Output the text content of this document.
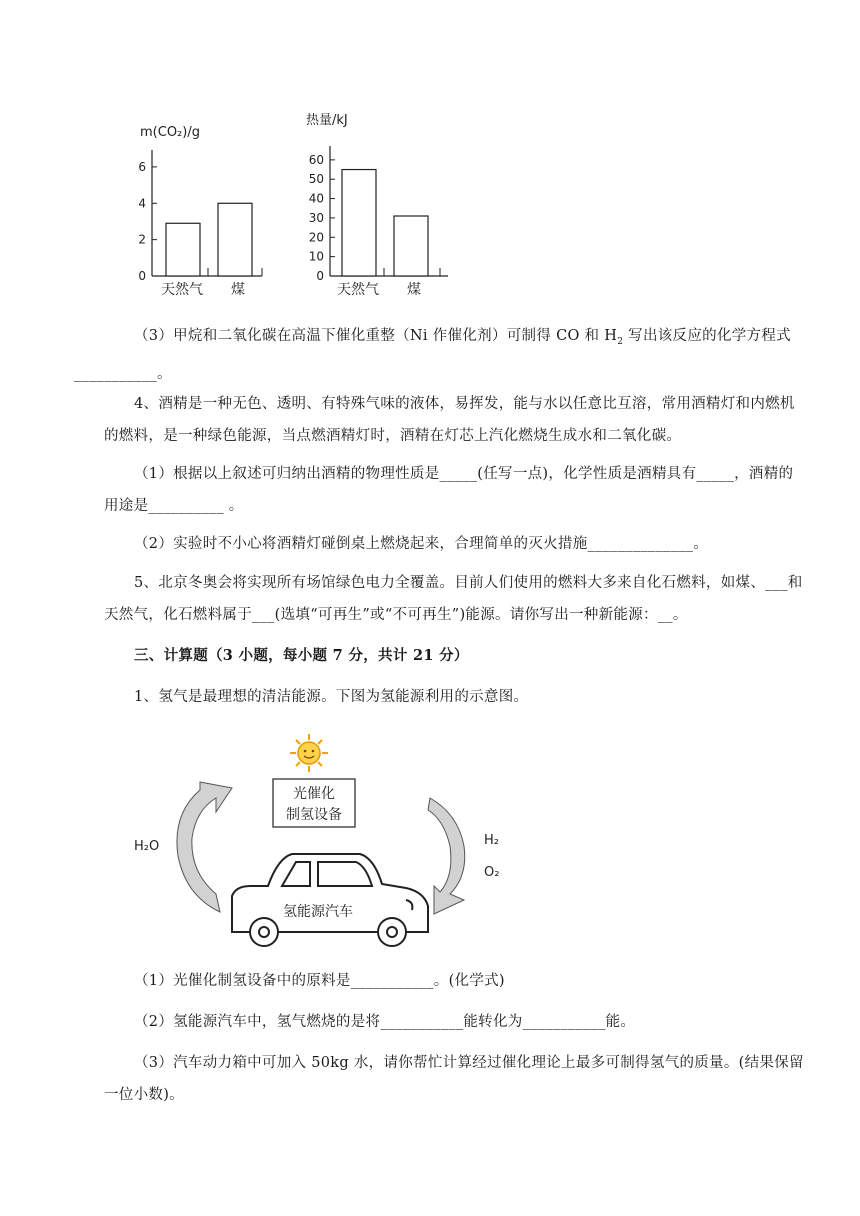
m(CO₂)/g
0
2
4
6
天然气 煤
热量/kJ
0
10
20
30
40
50
60
天然气 煤

（3）甲烷和二氧化碳在高温下催化重整（Ni 作催化剂）可制得 CO 和 $H_2$ 写出该反应的化学方程式
___________。

4、酒精是一种无色、透明、有特殊气味的液体，易挥发，能与水以任意比互溶，常用酒精灯和内燃机的燃料，是一种绿色能源，当点燃酒精灯时，酒精在灯芯上汽化燃烧生成水和二氧化碳。

（1）根据以上叙述可归纳出酒精的物理性质是_____(任写一点)，化学性质是酒精具有_____，酒精的用途是__________ 。

（2）实验时不小心将酒精灯碰倒桌上燃烧起来，合理简单的灭火措施______________。

5、北京冬奥会将实现所有场馆绿色电力全覆盖。目前人们使用的燃料大多来自化石燃料，如煤、___和天然气，化石燃料属于___(选填“可再生”或“不可再生”)能源。请你写出一种新能源：__。

三、计算题（3 小题，每小题 7 分，共计 21 分）

1、氢气是最理想的清洁能源。下图为氢能源利用的示意图。

光催化
制氢设备
H₂O	H₂
O₂
氢能源汽车

（1）光催化制氢设备中的原料是___________。(化学式)

（2）氢能源汽车中，氢气燃烧的是将___________能转化为___________能。

（3）汽车动力箱中可加入 50kg 水，请你帮忙计算经过催化理论上最多可制得氢气的质量。(结果保留一位小数)。
